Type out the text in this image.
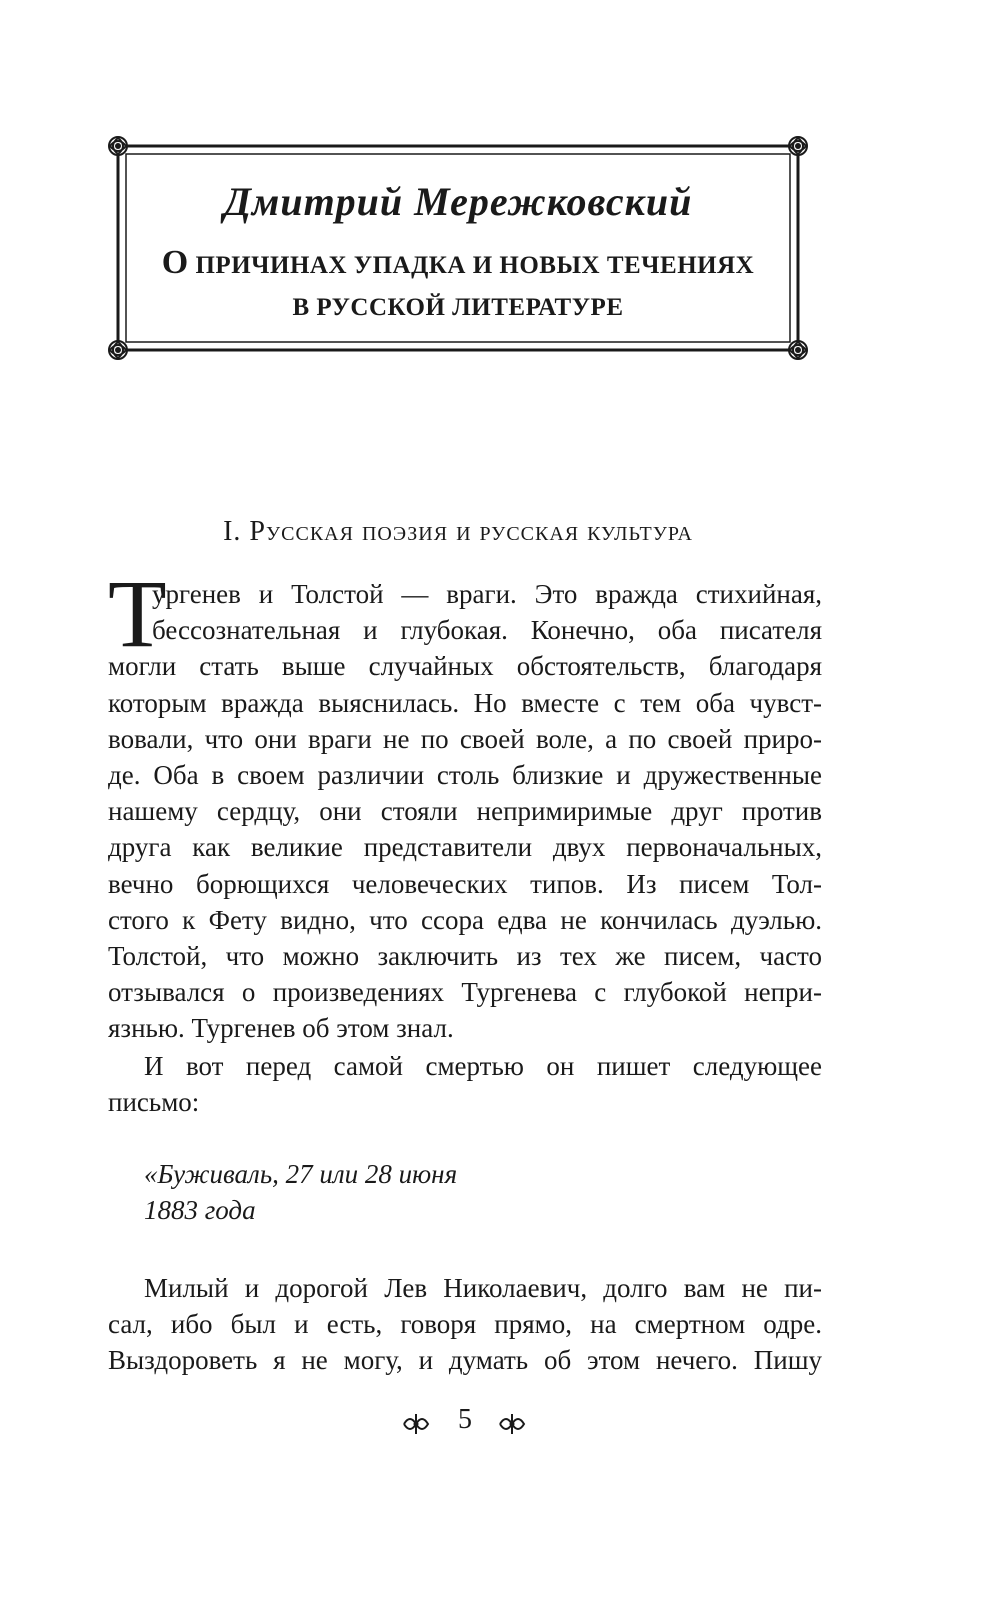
Дмитрий Мережковский
О ПРИЧИНАХ УПАДКА И НОВЫХ ТЕЧЕНИЯХ
В РУССКОЙ ЛИТЕРАТУРЕ
I. Русская поэзия и русская культура
Т
ургенев и Толстой — враги. Это вражда стихийная,
бессознательная и глубокая. Конечно, оба писателя
могли стать выше случайных обстоятельств, благодаря
которым вражда выяснилась. Но вместе с тем оба чувст-
вовали, что они враги не по своей воле, а по своей приро-
де. Оба в своем различии столь близкие и дружественные
нашему сердцу, они стояли непримиримые друг против
друга как великие представители двух первоначальных,
вечно борющихся человеческих типов. Из писем Тол-
стого к Фету видно, что ссора едва не кончилась дуэлью.
Толстой, что можно заключить из тех же писем, часто
отзывался о произведениях Тургенева с глубокой непри-
язнью. Тургенев об этом знал.
И вот перед самой смертью он пишет следующее
письмо:
«Буживаль, 27 или 28 июня
1883 года
Милый и дорогой Лев Николаевич, долго вам не пи-
сал, ибо был и есть, говоря прямо, на смертном одре.
Выздороветь я не могу, и думать об этом нечего. Пишу
5
